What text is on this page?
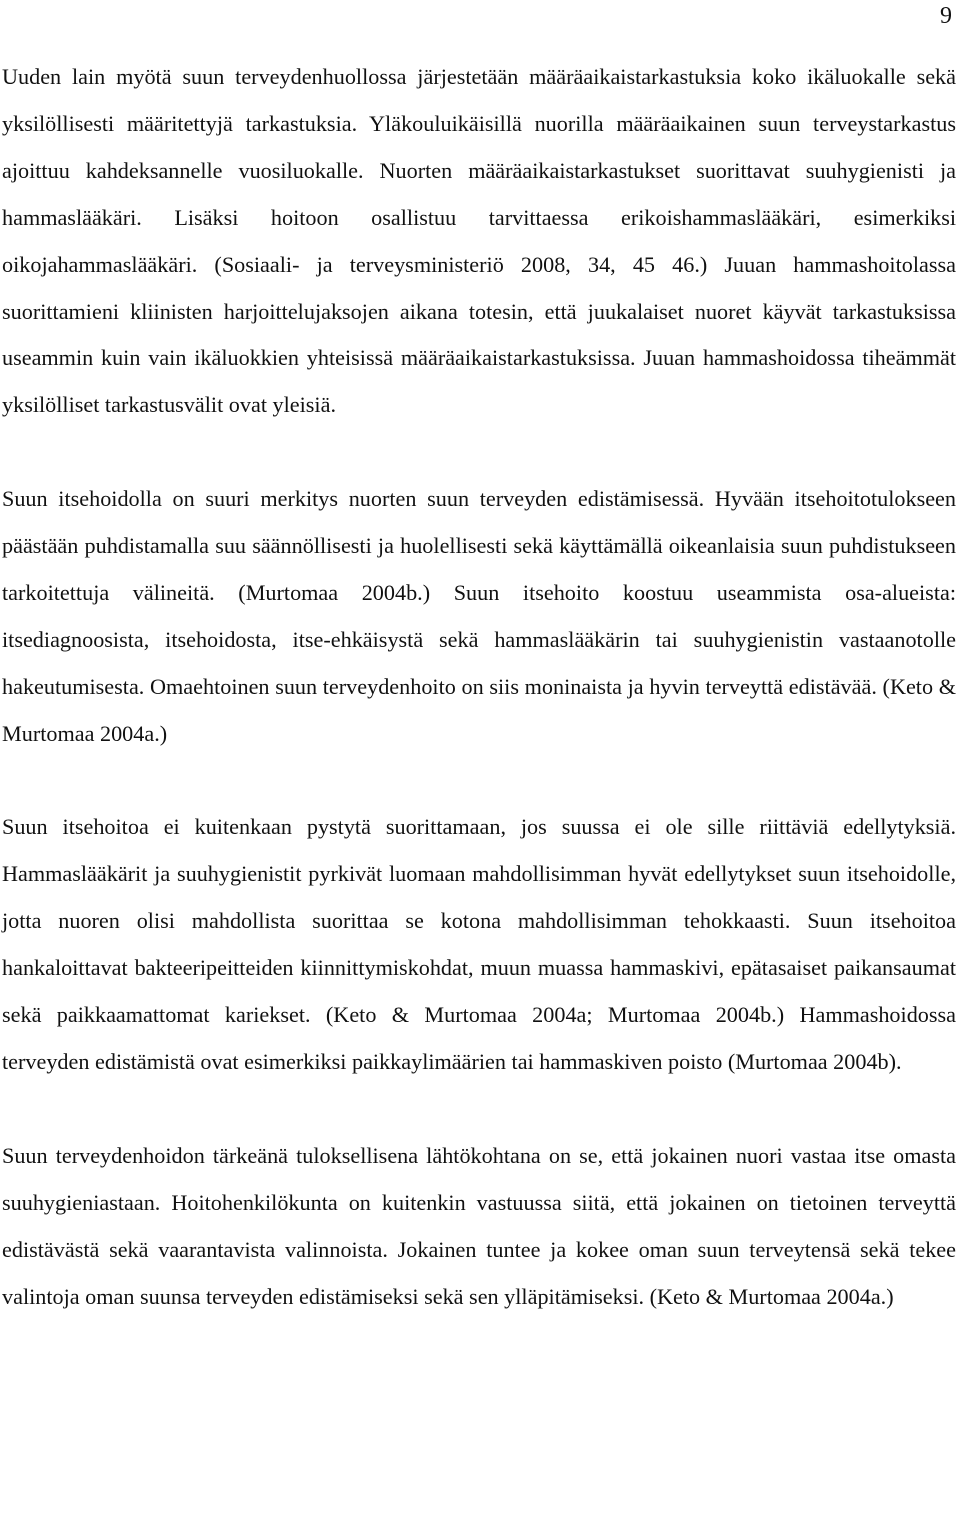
9

Uuden lain myötä suun terveydenhuollossa järjestetään määräaikaistarkastuksia koko ikäluokalle sekä yksilöllisesti määritettyjä tarkastuksia. Yläkouluikäisillä nuorilla määräaikainen suun terveystarkastus ajoittuu kahdeksannelle vuosiluokalle. Nuorten määräaikaistarkastukset suorittavat suuhygienisti ja hammaslääkäri. Lisäksi hoitoon osallistuu tarvittaessa erikoishammaslääkäri, esimerkiksi oikojahammaslääkäri. (Sosiaali- ja terveysministeriö 2008, 34, 45 46.) Juuan hammashoitolassa suorittamieni kliinisten harjoittelujaksojen aikana totesin, että juukalaiset nuoret käyvät tarkastuksissa useammin kuin vain ikäluokkien yhteisissä määräaikaistarkastuksissa. Juuan hammashoidossa tiheämmät yksilölliset tarkastusvälit ovat yleisiä.

Suun itsehoidolla on suuri merkitys nuorten suun terveyden edistämisessä. Hyvään itsehoitotulokseen päästään puhdistamalla suu säännöllisesti ja huolellisesti sekä käyttämällä oikeanlaisia suun puhdistukseen tarkoitettuja välineitä. (Murtomaa 2004b.) Suun itsehoito koostuu useammista osa-alueista: itsediagnoosista, itsehoidosta, itse-ehkäisystä sekä hammaslääkärin tai suuhygienistin vastaanotolle hakeutumisesta. Omaehtoinen suun terveydenhoito on siis moninaista ja hyvin terveyttä edistävää. (Keto & Murtomaa 2004a.)

Suun itsehoitoa ei kuitenkaan pystytä suorittamaan, jos suussa ei ole sille riittäviä edellytyksiä. Hammaslääkärit ja suuhygienistit pyrkivät luomaan mahdollisimman hyvät edellytykset suun itsehoidolle, jotta nuoren olisi mahdollista suorittaa se kotona mahdollisimman tehokkaasti. Suun itsehoitoa hankaloittavat bakteeripeitteiden kiinnittymiskohdat, muun muassa hammaskivi, epätasaiset paikansaumat sekä paikkaamattomat kariekset. (Keto & Murtomaa 2004a; Murtomaa 2004b.) Hammashoidossa terveyden edistämistä ovat esimerkiksi paikkaylimäärien tai hammaskiven poisto (Murtomaa 2004b).

Suun terveydenhoidon tärkeänä tuloksellisena lähtökohtana on se, että jokainen nuori vastaa itse omasta suuhygieniastaan. Hoitohenkilökunta on kuitenkin vastuussa siitä, että jokainen on tietoinen terveyttä edistävästä sekä vaarantavista valinnoista. Jokainen tuntee ja kokee oman suun terveytensä sekä tekee valintoja oman suunsa terveyden edistämiseksi sekä sen ylläpitämiseksi. (Keto & Murtomaa 2004a.)
